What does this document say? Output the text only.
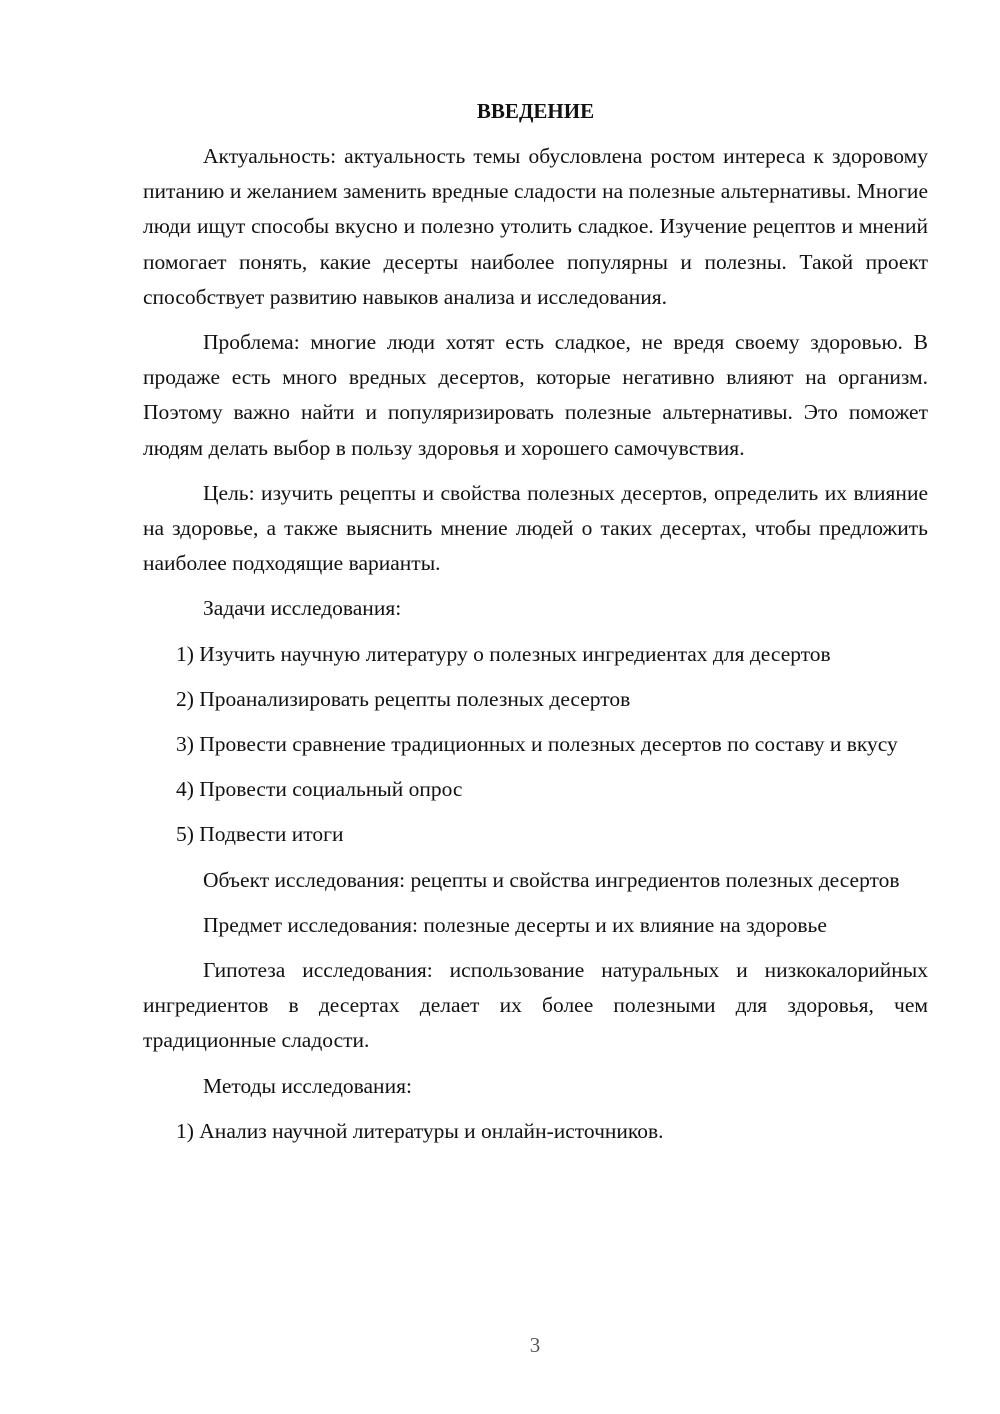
ВВЕДЕНИЕ

Актуальность: актуальность темы обусловлена ростом интереса к здоровому питанию и желанием заменить вредные сладости на полезные альтернативы. Многие люди ищут способы вкусно и полезно утолить сладкое. Изучение рецептов и мнений помогает понять, какие десерты наиболее популярны и полезны. Такой проект способствует развитию навыков анализа и исследования.

Проблема: многие люди хотят есть сладкое, не вредя своему здоровью. В продаже есть много вредных десертов, которые негативно влияют на организм. Поэтому важно найти и популяризировать полезные альтернативы. Это поможет людям делать выбор в пользу здоровья и хорошего самочувствия.

Цель: изучить рецепты и свойства полезных десертов, определить их влияние на здоровье, а также выяснить мнение людей о таких десертах, чтобы предложить наиболее подходящие варианты.

Задачи исследования:

1) Изучить научную литературу о полезных ингредиентах для десертов

2) Проанализировать рецепты полезных десертов

3) Провести сравнение традиционных и полезных десертов по составу и вкусу

4) Провести социальный опрос

5) Подвести итоги

Объект исследования: рецепты и свойства ингредиентов полезных десертов

Предмет исследования: полезные десерты и их влияние на здоровье

Гипотеза исследования: использование натуральных и низкокалорийных ингредиентов в десертах делает их более полезными для здоровья, чем традиционные сладости.

Методы исследования:

1) Анализ научной литературы и онлайн-источников.

3
